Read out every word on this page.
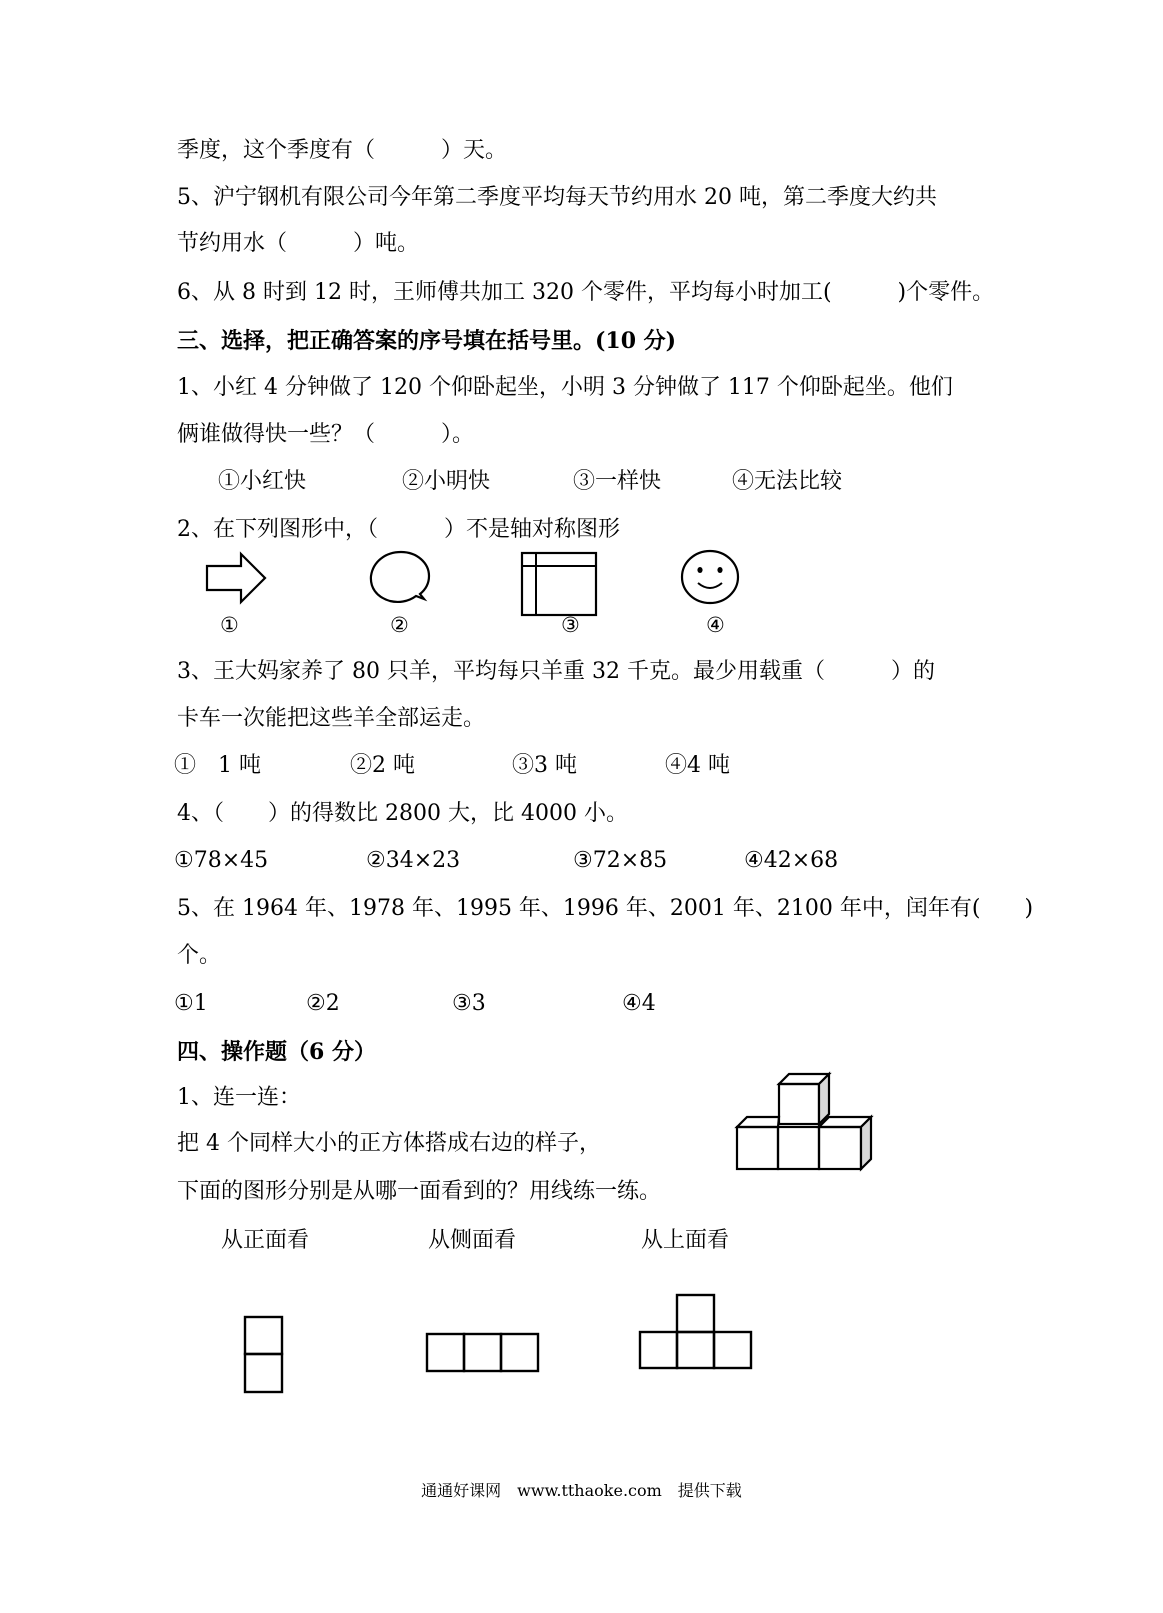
季度，这个季度有（　　　）天。
5、沪宁钢机有限公司今年第二季度平均每天节约用水 20 吨，第二季度大约共
节约用水（　　　）吨。
6、从 8 时到 12 时，王师傅共加工 320 个零件，平均每小时加工(　　　)个零件。
三、选择，把正确答案的序号填在括号里。(10 分)
1、小红 4 分钟做了 120 个仰卧起坐，小明 3 分钟做了 117 个仰卧起坐。他们
俩谁做得快一些？（　　　）。
①小红快	②小明快	③一样快	④无法比较
2、在下列图形中，（　　　）不是轴对称图形
①	②	③	④
3、王大妈家养了 80 只羊，平均每只羊重 32 千克。最少用载重（　　　）的
卡车一次能把这些羊全部运走。
①　1 吨	②2 吨	③3 吨	④4 吨
4、（　　）的得数比 2800 大，比 4000 小。
①78×45	②34×23	③72×85	④42×68
5、在 1964 年、1978 年、1995 年、1996 年、2001 年、2100 年中，闰年有(　　)
个。
①1	②2	③3	④4
四、操作题（6 分）
1、连一连：
把 4 个同样大小的正方体搭成右边的样子，
下面的图形分别是从哪一面看到的？用线练一练。
从正面看	从侧面看	从上面看
通通好课网　www.tthaoke.com　提供下载
